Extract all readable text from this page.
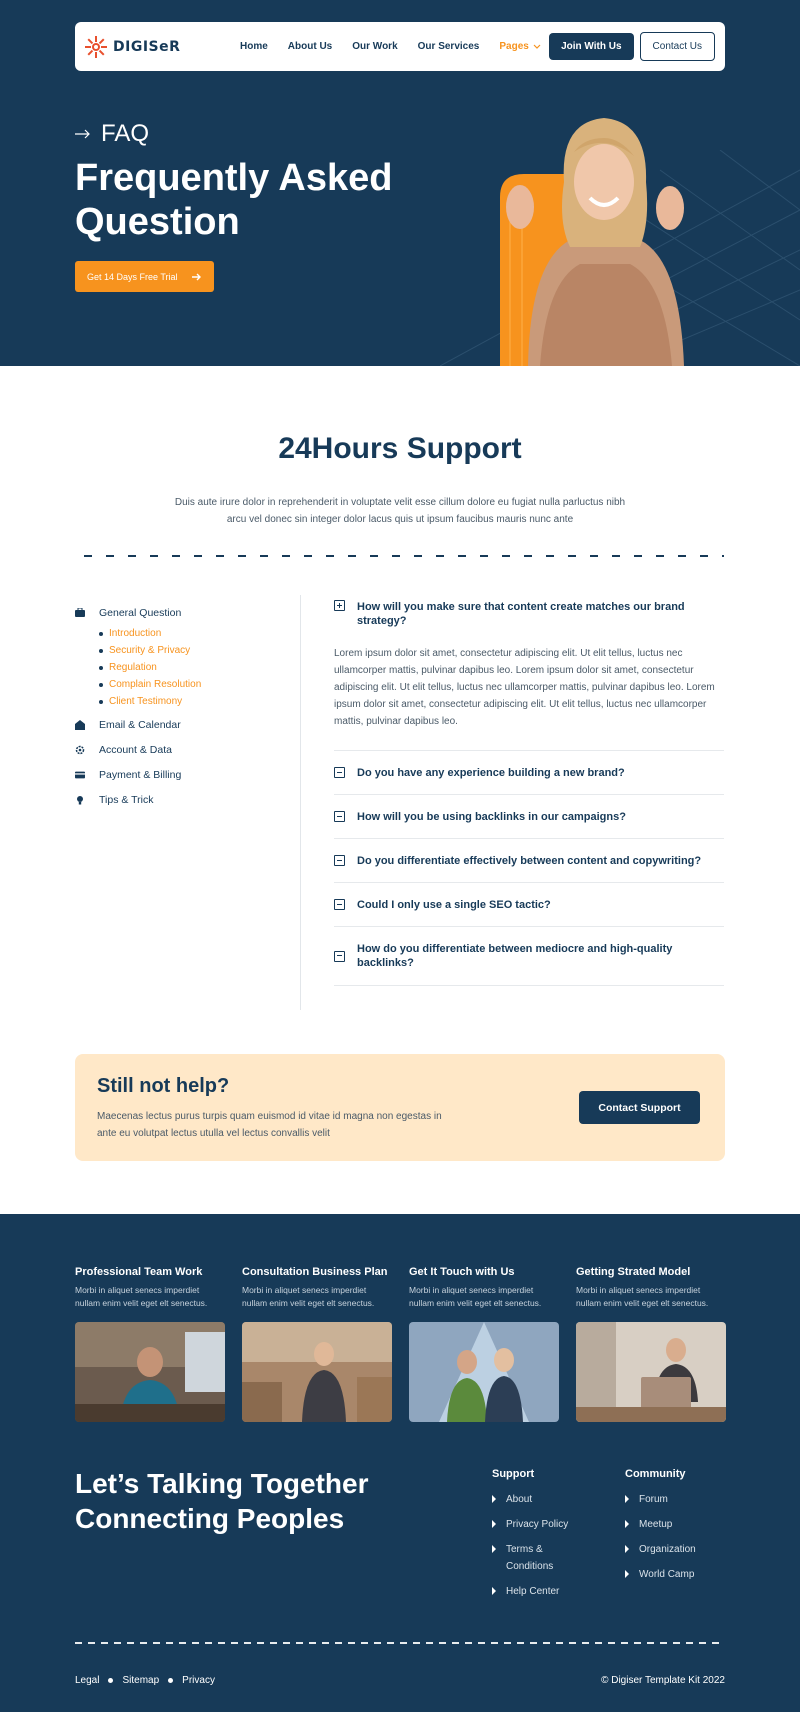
DIGISeR	Home About Us Our Work Our Services Pages	Join With Us	Contact Us
FAQ
Frequently Asked Question
Get 14 Days Free Trial
24Hours Support

Duis aute irure dolor in reprehenderit in voluptate velit esse cillum dolore eu fugiat nulla parluctus nibh arcu vel donec sin integer dolor lacus quis ut ipsum faucibus mauris nunc ante

General Question
Introduction
Security & Privacy
Regulation
Complain Resolution
Client Testimony
Email & Calendar
Account & Data
Payment & Billing
Tips & Trick
How will you make sure that content create matches our brand strategy?

Lorem ipsum dolor sit amet, consectetur adipiscing elit. Ut elit tellus, luctus nec ullamcorper mattis, pulvinar dapibus leo. Lorem ipsum dolor sit amet, consectetur adipiscing elit. Ut elit tellus, luctus nec ullamcorper mattis, pulvinar dapibus leo. Lorem ipsum dolor sit amet, consectetur adipiscing elit. Ut elit tellus, luctus nec ullamcorper mattis, pulvinar dapibus leo.

Do you have any experience building a new brand?
How will you be using backlinks in our campaigns?
Do you differentiate effectively between content and copywriting?
Could I only use a single SEO tactic?
How do you differentiate between mediocre and high-quality backlinks?
Still not help?

Maecenas lectus purus turpis quam euismod id vitae id magna non egestas in ante eu volutpat lectus utulla vel lectus convallis velit

Contact Support
Professional Team Work
Morbi in aliquet senecs imperdiet nullam enim velit eget elt senectus.
Consultation Business Plan
Morbi in aliquet senecs imperdiet nullam enim velit eget elt senectus.
Get It Touch with Us
Morbi in aliquet senecs imperdiet nullam enim velit eget elt senectus.
Getting Strated Model
Morbi in aliquet senecs imperdiet nullam enim velit eget elt senectus.
Let’s Talking Together Connecting Peoples
Support
About
Privacy Policy
Terms & Conditions
Help Center
Community
Forum
Meetup
Organization
World Camp
Legal Sitemap Privacy	© Digiser Template Kit 2022
